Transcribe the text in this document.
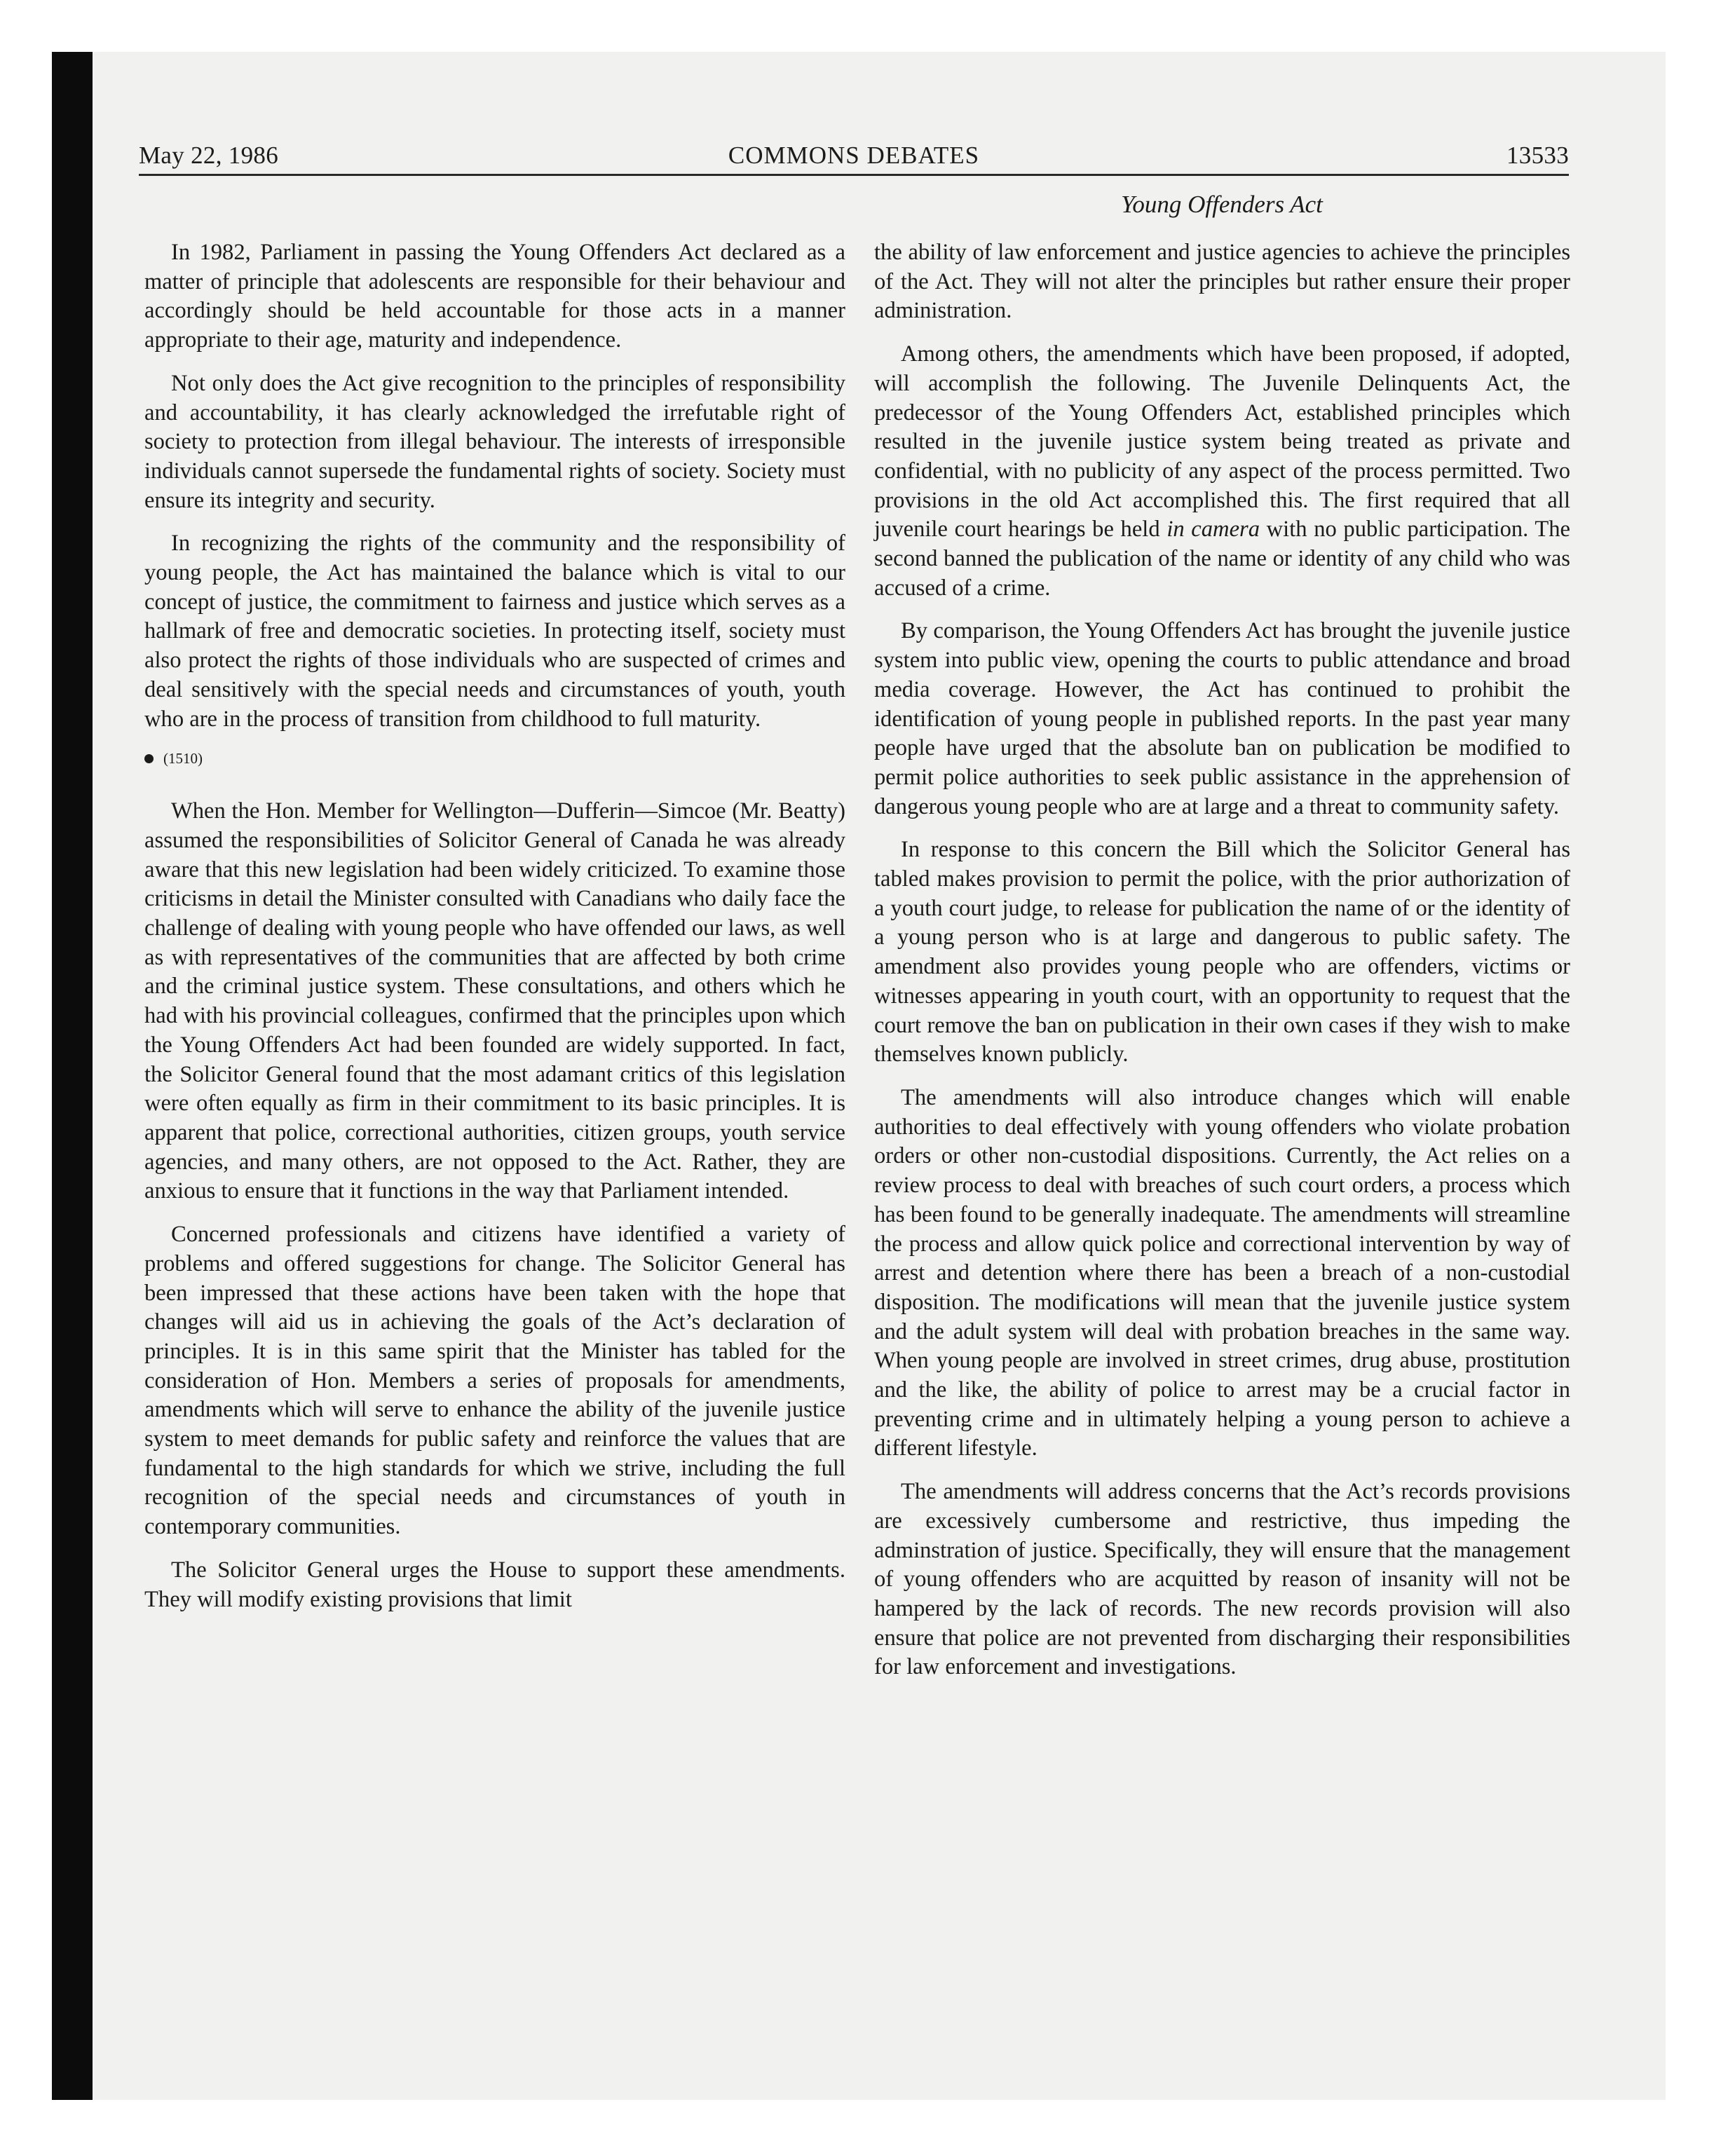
May 22, 1986	COMMONS DEBATES	13533
Young Offenders Act

In 1982, Parliament in passing the Young Offenders Act declared as a matter of principle that adolescents are responsible for their behaviour and accordingly should be held accountable for those acts in a manner appropriate to their age, maturity and independence.

Not only does the Act give recognition to the principles of responsibility and accountability, it has clearly acknowledged the irrefutable right of society to protection from illegal behaviour. The interests of irresponsible individuals cannot supersede the fundamental rights of society. Society must ensure its integrity and security.

In recognizing the rights of the community and the responsibility of young people, the Act has maintained the balance which is vital to our concept of justice, the commitment to fairness and justice which serves as a hallmark of free and democratic societies. In protecting itself, society must also protect the rights of those individuals who are suspected of crimes and deal sensitively with the special needs and circumstances of youth, youth who are in the process of transition from childhood to full maturity.

(1510)

When the Hon. Member for Wellington—Dufferin—Simcoe (Mr. Beatty) assumed the responsibilities of Solicitor General of Canada he was already aware that this new legislation had been widely criticized. To examine those criticisms in detail the Minister consulted with Canadians who daily face the challenge of dealing with young people who have offended our laws, as well as with representatives of the communities that are affected by both crime and the criminal justice system. These consultations, and others which he had with his provincial colleagues, confirmed that the principles upon which the Young Offenders Act had been founded are widely supported. In fact, the Solicitor General found that the most adamant critics of this legislation were often equally as firm in their commitment to its basic principles. It is apparent that police, correctional authorities, citizen groups, youth service agencies, and many others, are not opposed to the Act. Rather, they are anxious to ensure that it functions in the way that Parliament intended.

Concerned professionals and citizens have identified a variety of problems and offered suggestions for change. The Solicitor General has been impressed that these actions have been taken with the hope that changes will aid us in achieving the goals of the Act’s declaration of principles. It is in this same spirit that the Minister has tabled for the consideration of Hon. Members a series of proposals for amendments, amendments which will serve to enhance the ability of the juvenile justice system to meet demands for public safety and reinforce the values that are fundamental to the high standards for which we strive, including the full recognition of the special needs and circumstances of youth in contemporary communities.

The Solicitor General urges the House to support these amendments. They will modify existing provisions that limit

the ability of law enforcement and justice agencies to achieve the principles of the Act. They will not alter the principles but rather ensure their proper administration.

Among others, the amendments which have been proposed, if adopted, will accomplish the following. The Juvenile Delinquents Act, the predecessor of the Young Offenders Act, established principles which resulted in the juvenile justice system being treated as private and confidential, with no publicity of any aspect of the process permitted. Two provisions in the old Act accomplished this. The first required that all juvenile court hearings be held in camera with no public participation. The second banned the publication of the name or identity of any child who was accused of a crime.

By comparison, the Young Offenders Act has brought the juvenile justice system into public view, opening the courts to public attendance and broad media coverage. However, the Act has continued to prohibit the identification of young people in published reports. In the past year many people have urged that the absolute ban on publication be modified to permit police authorities to seek public assistance in the apprehension of dangerous young people who are at large and a threat to community safety.

In response to this concern the Bill which the Solicitor General has tabled makes provision to permit the police, with the prior authorization of a youth court judge, to release for publication the name of or the identity of a young person who is at large and dangerous to public safety. The amendment also provides young people who are offenders, victims or witnesses appearing in youth court, with an opportunity to request that the court remove the ban on publication in their own cases if they wish to make themselves known publicly.

The amendments will also introduce changes which will enable authorities to deal effectively with young offenders who violate probation orders or other non-custodial dispositions. Currently, the Act relies on a review process to deal with breaches of such court orders, a process which has been found to be generally inadequate. The amendments will streamline the process and allow quick police and correctional intervention by way of arrest and detention where there has been a breach of a non-custodial disposition. The modifications will mean that the juvenile justice system and the adult system will deal with probation breaches in the same way. When young people are involved in street crimes, drug abuse, prostitution and the like, the ability of police to arrest may be a crucial factor in preventing crime and in ultimately helping a young person to achieve a different lifestyle.

The amendments will address concerns that the Act’s records provisions are excessively cumbersome and restrictive, thus impeding the adminstration of justice. Specifically, they will ensure that the management of young offenders who are acquitted by reason of insanity will not be hampered by the lack of records. The new records provision will also ensure that police are not prevented from discharging their responsibilities for law enforcement and investigations.
